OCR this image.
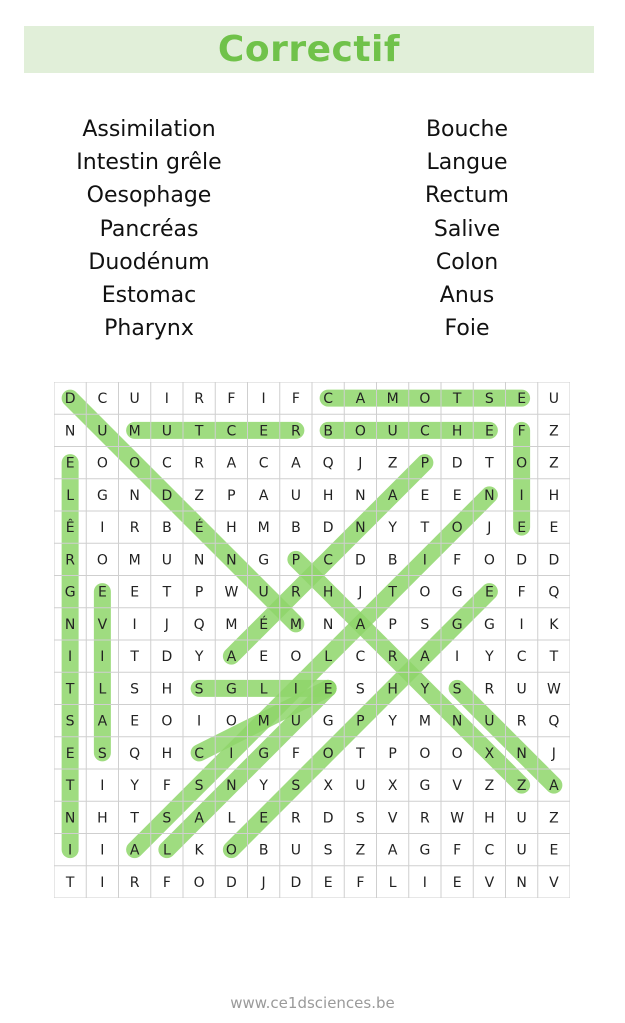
Correctif
Assimilation
Intestin grêle
Oesophage
Pancréas
Duodénum
Estomac
Pharynx
Bouche
Langue
Rectum
Salive
Colon
Anus
Foie
D C U I R F I F C A M O T S E U
N U M U T C E R B O U C H E F Z
E O O C R A C A Q J Z P D T O Z
L G N D Z P A U H N A E E N I H
Ê I R B É H M B D N Y T O J E E
R O M U N N G P C D B I F O D D
G E E T P W U R H J T O G E F Q
N V I J Q M É M N A P S G G I K
I I T D Y A E O L C R A I Y C T
T L S H S G L I E S H Y S R U W
S A E O I O M U G P Y M N U R Q
E S Q H C I G F O T P O O X N J
T I Y F S N Y S X U X G V Z Z A
N H T S A L E R D S V R W H U Z
I I A L K O B U S Z A G F C U E
T I R F O D J D E F L I E V N V
www.ce1dsciences.be
